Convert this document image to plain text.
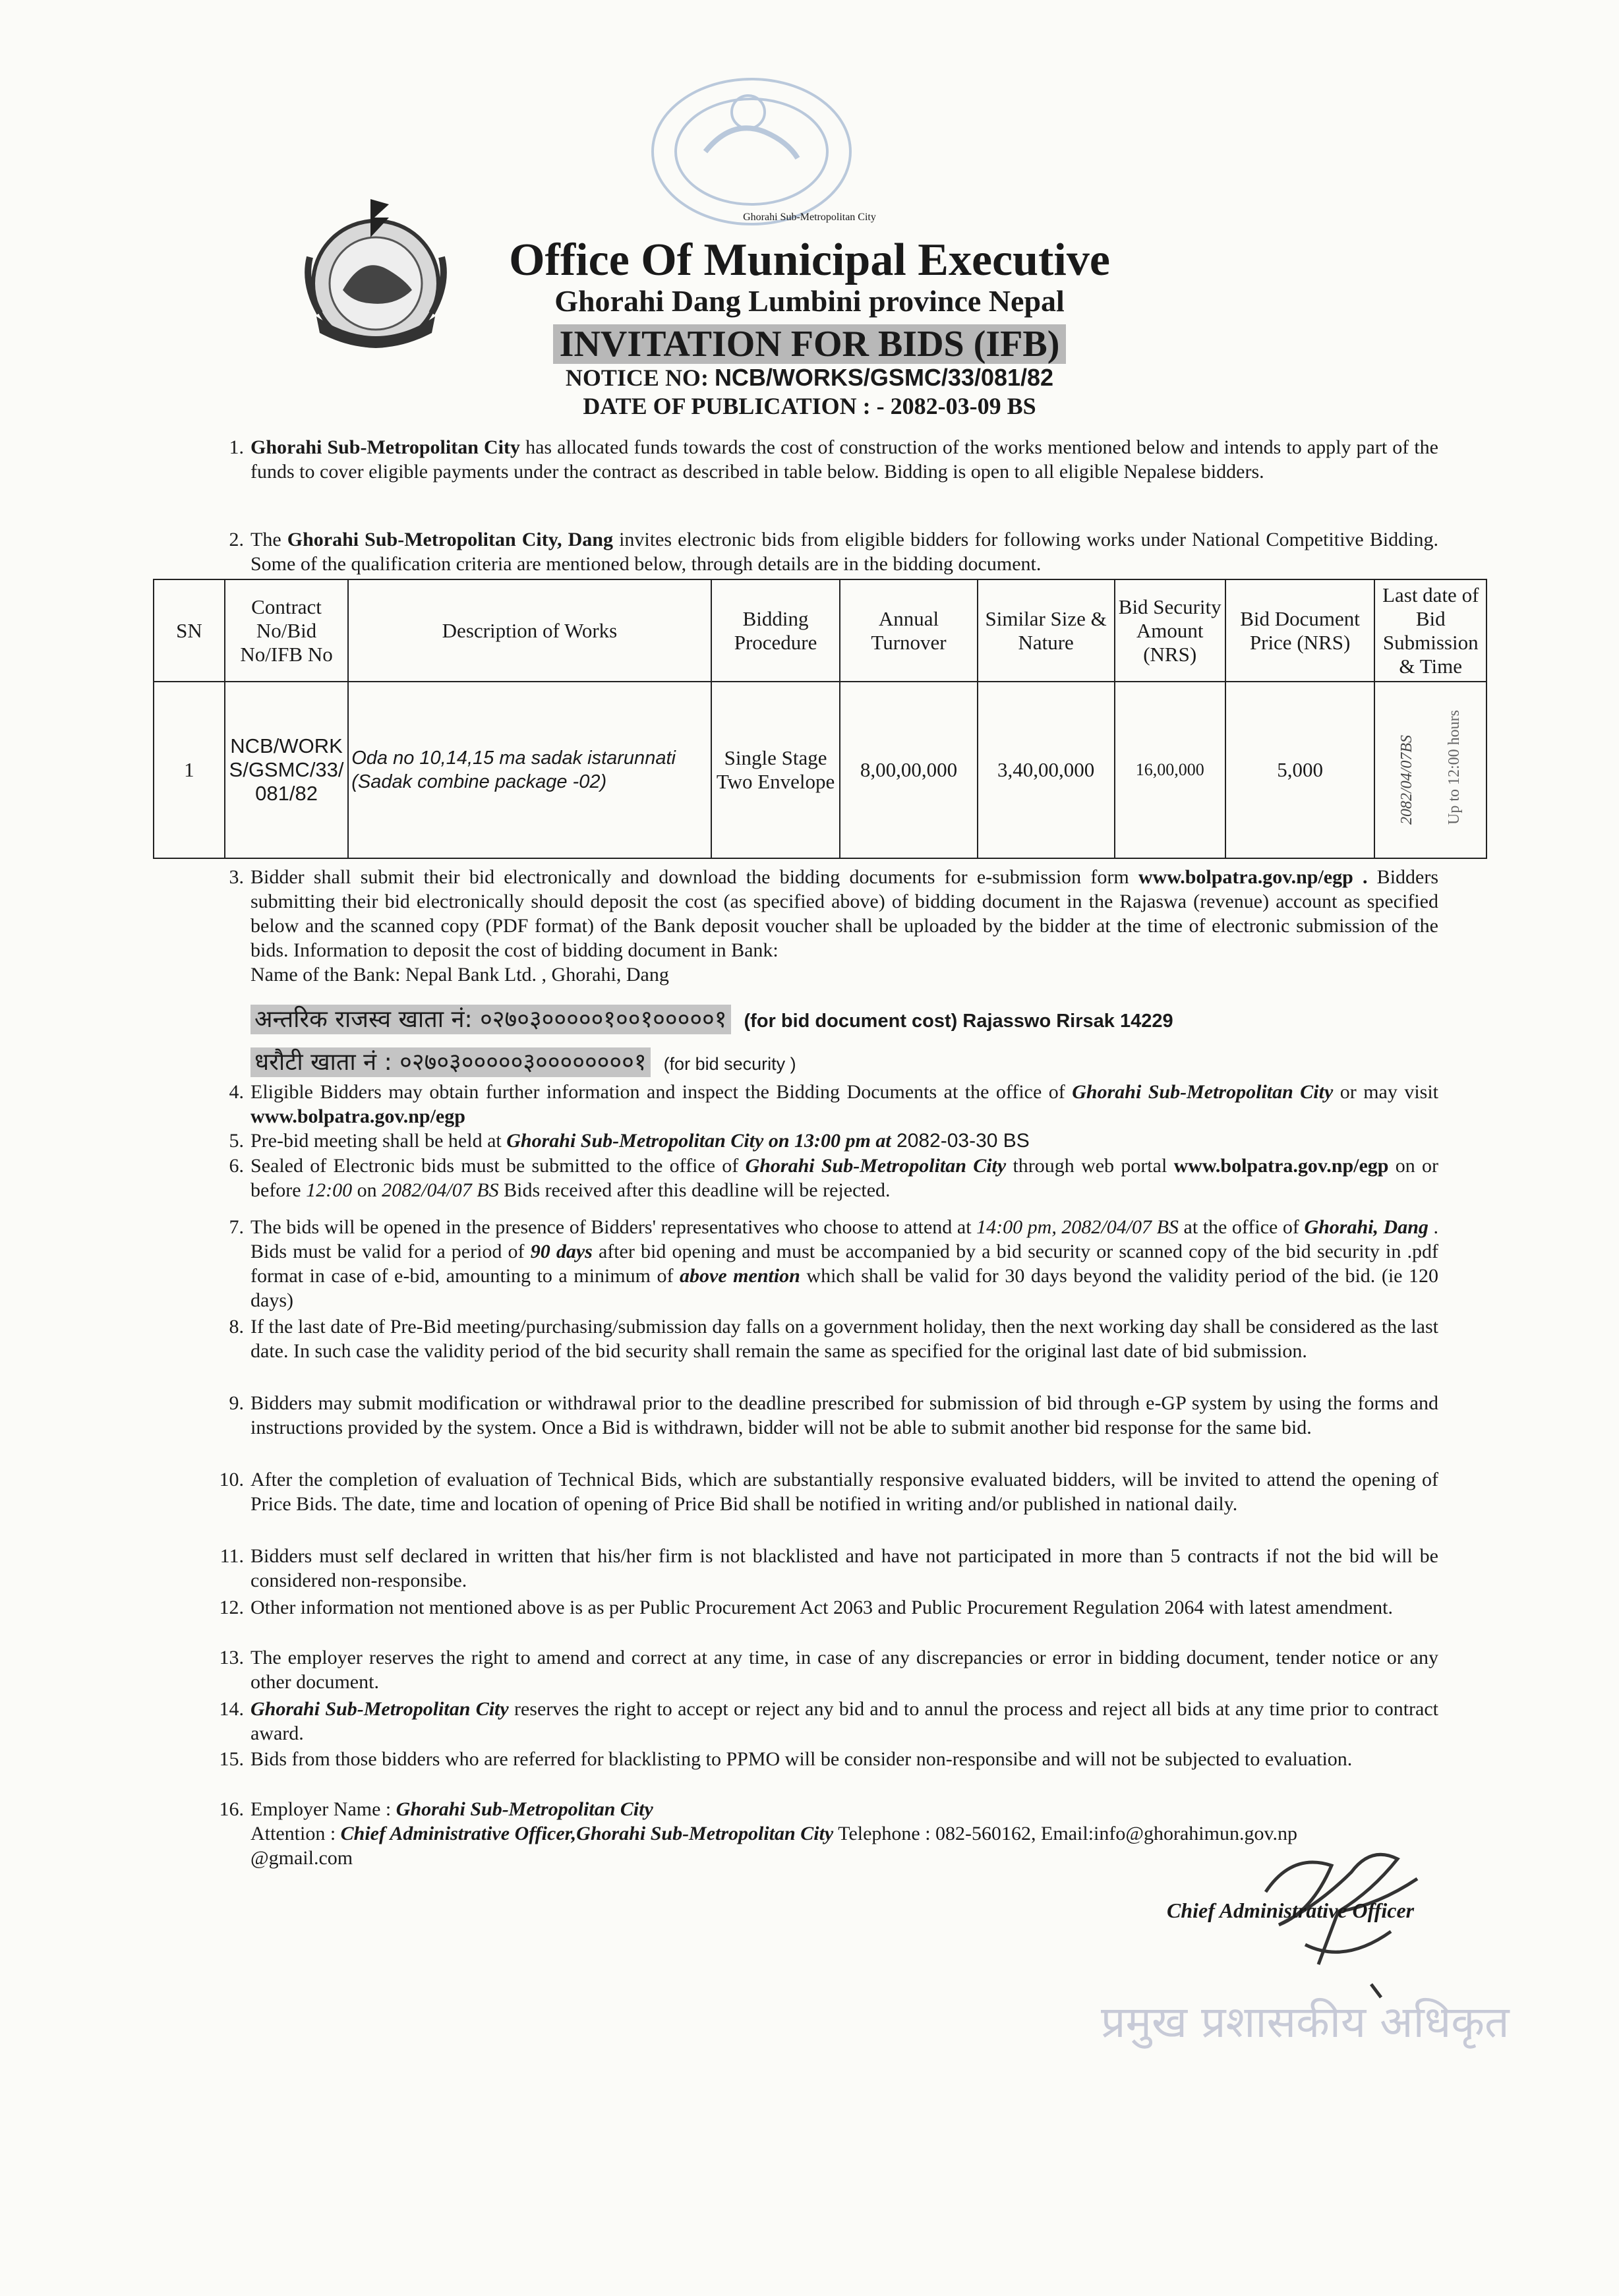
Ghorahi Sub-Metropolitan City
Office Of Municipal Executive
Ghorahi Dang Lumbini province Nepal
INVITATION FOR BIDS (IFB)
NOTICE NO: NCB/WORKS/GSMC/33/081/82
DATE OF PUBLICATION : - 2082-03-09 BS
1. Ghorahi Sub-Metropolitan City has allocated funds towards the cost of construction of the works mentioned below and intends to apply part of the funds to cover eligible payments under the contract as described in table below. Bidding is open to all eligible Nepalese bidders.
2. The Ghorahi Sub-Metropolitan City, Dang invites electronic bids from eligible bidders for following works under National Competitive Bidding. Some of the qualification criteria are mentioned below, through details are in the bidding document.
SN	Contract No/Bid No/IFB No	Description of Works	Bidding Procedure	Annual Turnover	Similar Size & Nature	Bid Security Amount (NRS)	Bid Document Price (NRS)	Last date of Bid Submission & Time
1	NCB/WORKS/GSMC/33/081/82	Oda no 10,14,15 ma sadak istarunnati (Sadak combine package -02)	Single Stage Two Envelope	8,00,00,000	3,40,00,000	16,00,000	5,000	2082/04/07BS Up to 12:00 hours
3. Bidder shall submit their bid electronically and download the bidding documents for e-submission form www.bolpatra.gov.np/egp . Bidders submitting their bid electronically should deposit the cost (as specified above) of bidding document in the Rajaswa (revenue) account as specified below and the scanned copy (PDF format) of the Bank deposit voucher shall be uploaded by the bidder at the time of electronic submission of the bids. Information to deposit the cost of bidding document in Bank:
Name of the Bank: Nepal Bank Ltd. , Ghorahi, Dang
अन्तरिक राजस्व खाता नं: ०२७०३०००००१००१०००००१ (for bid document cost) Rajasswo Rirsak 14229
धरौटी खाता नं : ०२७०३०००००३००००००००१ (for bid security )
4. Eligible Bidders may obtain further information and inspect the Bidding Documents at the office of Ghorahi Sub-Metropolitan City or may visit www.bolpatra.gov.np/egp
5. Pre-bid meeting shall be held at Ghorahi Sub-Metropolitan City on 13:00 pm at 2082-03-30 BS
6. Sealed of Electronic bids must be submitted to the office of Ghorahi Sub-Metropolitan City through web portal www.bolpatra.gov.np/egp on or before 12:00 on 2082/04/07 BS Bids received after this deadline will be rejected.
7. The bids will be opened in the presence of Bidders' representatives who choose to attend at 14:00 pm, 2082/04/07 BS at the office of Ghorahi, Dang . Bids must be valid for a period of 90 days after bid opening and must be accompanied by a bid security or scanned copy of the bid security in .pdf format in case of e-bid, amounting to a minimum of above mention which shall be valid for 30 days beyond the validity period of the bid. (ie 120 days)
8. If the last date of Pre-Bid meeting/purchasing/submission day falls on a government holiday, then the next working day shall be considered as the last date. In such case the validity period of the bid security shall remain the same as specified for the original last date of bid submission.
9. Bidders may submit modification or withdrawal prior to the deadline prescribed for submission of bid through e-GP system by using the forms and instructions provided by the system. Once a Bid is withdrawn, bidder will not be able to submit another bid response for the same bid.
10. After the completion of evaluation of Technical Bids, which are substantially responsive evaluated bidders, will be invited to attend the opening of Price Bids. The date, time and location of opening of Price Bid shall be notified in writing and/or published in national daily.
11. Bidders must self declared in written that his/her firm is not blacklisted and have not participated in more than 5 contracts if not the bid will be considered non-responsibe.
12. Other information not mentioned above is as per Public Procurement Act 2063 and Public Procurement Regulation 2064 with latest amendment.
13. The employer reserves the right to amend and correct at any time, in case of any discrepancies or error in bidding document, tender notice or any other document.
14. Ghorahi Sub-Metropolitan City reserves the right to accept or reject any bid and to annul the process and reject all bids at any time prior to contract award.
15. Bids from those bidders who are referred for blacklisting to PPMO will be consider non-responsibe and will not be subjected to evaluation.
16. Employer Name : Ghorahi Sub-Metropolitan City
Attention : Chief Administrative Officer,Ghorahi Sub-Metropolitan City Telephone : 082-560162, Email:info@ghorahimun.gov.np
@gmail.com
Chief Administrative Officer
प्रमुख प्रशासकीय अधिकृत
